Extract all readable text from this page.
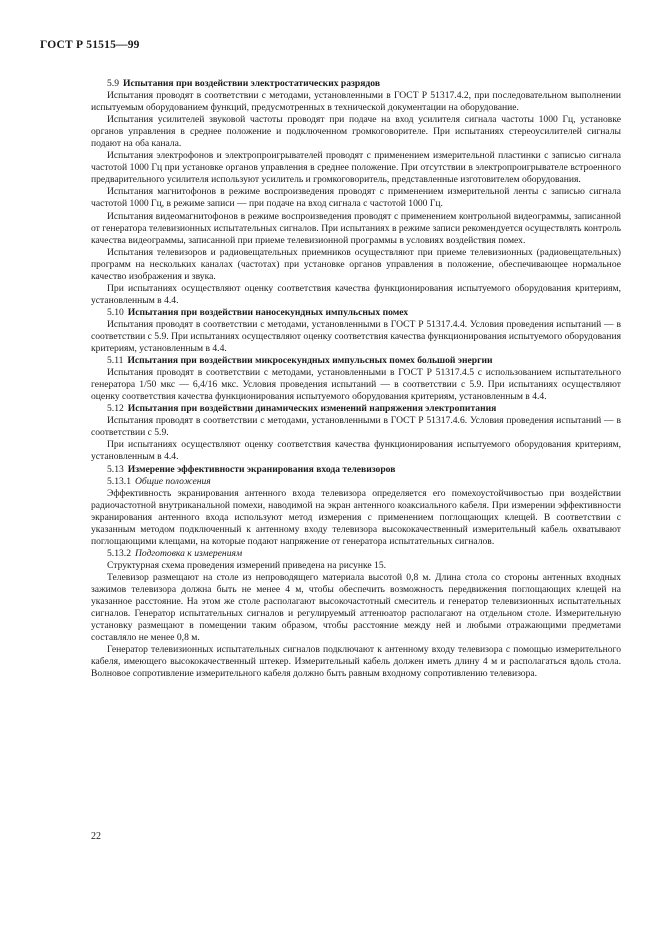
ГОСТ Р 51515—99

5.9 Испытания при воздействии электростатических разрядов

Испытания проводят в соответствии с методами, установленными в ГОСТ Р 51317.4.2, при последовательном выполнении испытуемым оборудованием функций, предусмотренных в технической документации на оборудование.

Испытания усилителей звуковой частоты проводят при подаче на вход усилителя сигнала частоты 1000 Гц, установке органов управления в среднее положение и подключенном громкоговорителе. При испытаниях стереоусилителей сигналы подают на оба канала.

Испытания электрофонов и электропроигрывателей проводят с применением измерительной пластинки с записью сигнала частотой 1000 Гц при установке органов управления в среднее положение. При отсутствии в электропроигрывателе встроенного предварительного усилителя используют усилитель и громкоговоритель, представленные изготовителем оборудования.

Испытания магнитофонов в режиме воспроизведения проводят с применением измерительной ленты с записью сигнала частотой 1000 Гц, в режиме записи — при подаче на вход сигнала с частотой 1000 Гц.

Испытания видеомагнитофонов в режиме воспроизведения проводят с применением контрольной видеограммы, записанной от генератора телевизионных испытательных сигналов. При испытаниях в режиме записи рекомендуется осуществлять контроль качества видеограммы, записанной при приеме телевизионной программы в условиях воздействия помех.

Испытания телевизоров и радиовещательных приемников осуществляют при приеме телевизионных (радиовещательных) программ на нескольких каналах (частотах) при установке органов управления в положение, обеспечивающее нормальное качество изображения и звука.

При испытаниях осуществляют оценку соответствия качества функционирования испытуемого оборудования критериям, установленным в 4.4.

5.10 Испытания при воздействии наносекундных импульсных помех

Испытания проводят в соответствии с методами, установленными в ГОСТ Р 51317.4.4. Условия проведения испытаний — в соответствии с 5.9. При испытаниях осуществляют оценку соответствия качества функционирования испытуемого оборудования критериям, установленным в 4.4.

5.11 Испытания при воздействии микросекундных импульсных помех большой энергии

Испытания проводят в соответствии с методами, установленными в ГОСТ Р 51317.4.5 с использованием испытательного генератора 1/50 мкс — 6,4/16 мкс. Условия проведения испытаний — в соответствии с 5.9. При испытаниях осуществляют оценку соответствия качества функционирования испытуемого оборудования критериям, установленным в 4.4.

5.12 Испытания при воздействии динамических изменений напряжения электропитания

Испытания проводят в соответствии с методами, установленными в ГОСТ Р 51317.4.6. Условия проведения испытаний — в соответствии с 5.9.

При испытаниях осуществляют оценку соответствия качества функционирования испытуемого оборудования критериям, установленным в 4.4.

5.13 Измерение эффективности экранирования входа телевизоров

5.13.1 Общие положения

Эффективность экранирования антенного входа телевизора определяется его помехоустойчивостью при воздействии радиочастотной внутриканальной помехи, наводимой на экран антенного коаксиального кабеля. При измерении эффективности экранирования антенного входа используют метод измерения с применением поглощающих клещей. В соответствии с указанным методом подключенный к антенному входу телевизора высококачественный измерительный кабель охватывают поглощающими клещами, на которые подают напряжение от генератора испытательных сигналов.

5.13.2 Подготовка к измерениям

Структурная схема проведения измерений приведена на рисунке 15.

Телевизор размещают на столе из непроводящего материала высотой 0,8 м. Длина стола со стороны антенных входных зажимов телевизора должна быть не менее 4 м, чтобы обеспечить возможность передвижения поглощающих клещей на указанное расстояние. На этом же столе располагают высокочастотный смеситель и генератор телевизионных испытательных сигналов. Генератор испытательных сигналов и регулируемый аттенюатор располагают на отдельном столе. Измерительную установку размещают в помещении таким образом, чтобы расстояние между ней и любыми отражающими предметами составляло не менее 0,8 м.

Генератор телевизионных испытательных сигналов подключают к антенному входу телевизора с помощью измерительного кабеля, имеющего высококачественный штекер. Измерительный кабель должен иметь длину 4 м и располагаться вдоль стола. Волновое сопротивление измерительного кабеля должно быть равным входному сопротивлению телевизора.

22
